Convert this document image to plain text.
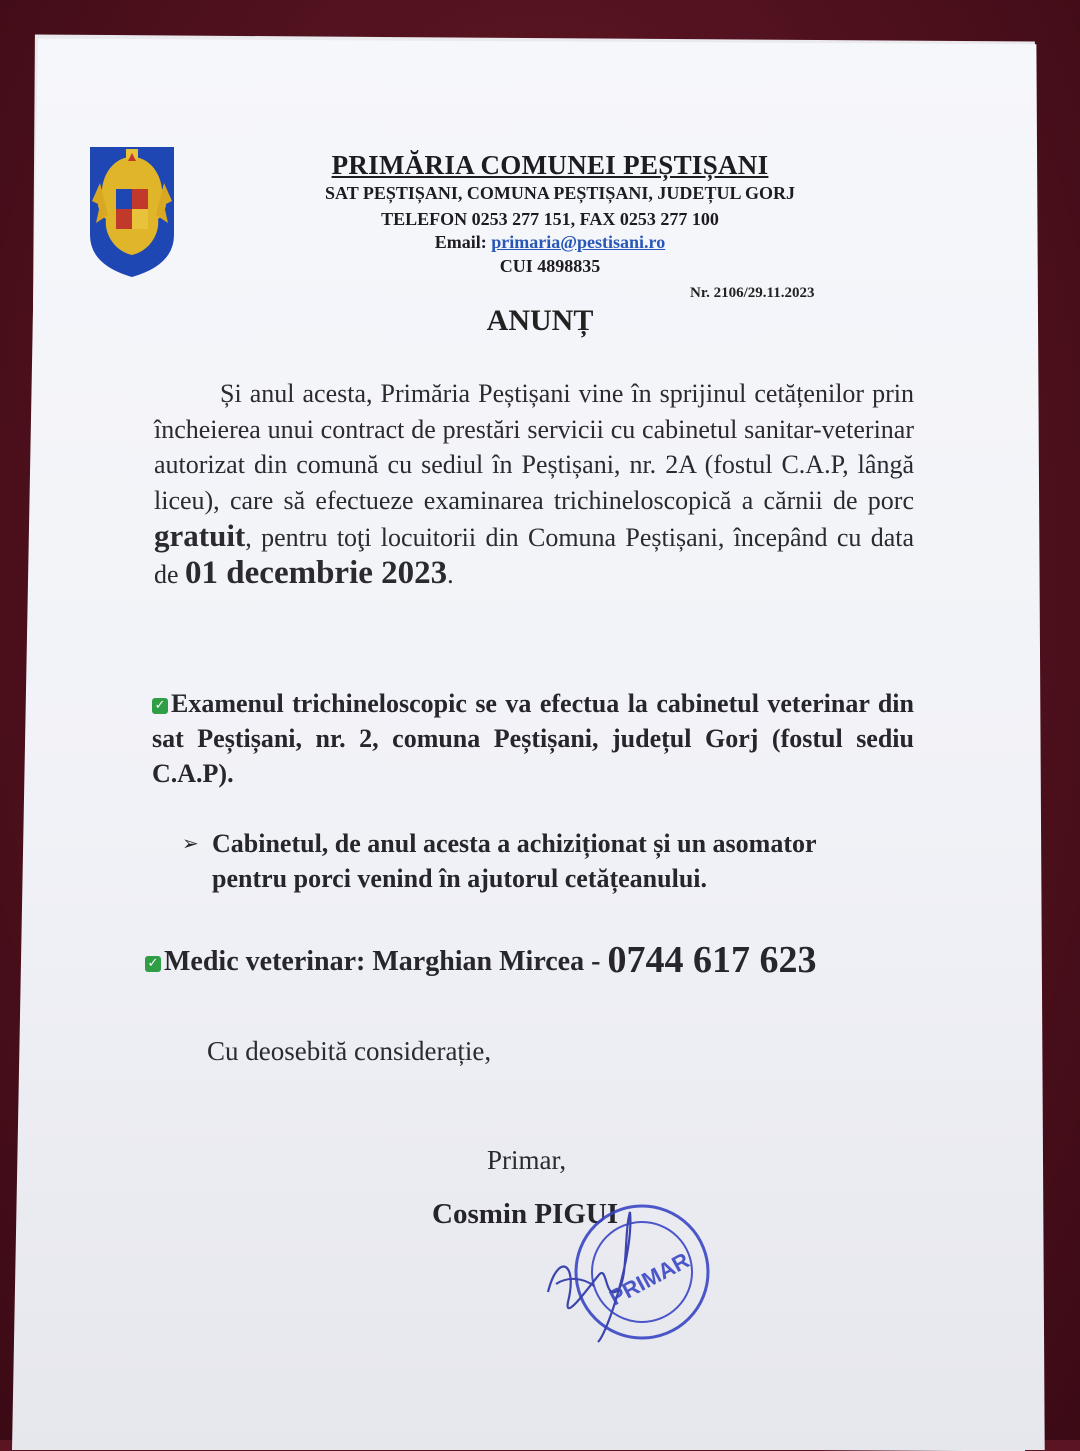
PRIMĂRIA COMUNEI PEȘTIȘANI
SAT PEȘTIȘANI, COMUNA PEȘTIȘANI, JUDEȚUL GORJ
TELEFON 0253 277 151, FAX 0253 277 100
Email: primaria@pestisani.ro
CUI 4898835
Nr. 2106/29.11.2023
ANUNȚ
Și anul acesta, Primăria Peștișani vine în sprijinul cetățenilor prin încheierea unui contract de prestări servicii cu cabinetul sanitar-veterinar autorizat din comună cu sediul în Peștișani, nr. 2A (fostul C.A.P, lângă liceu), care să efectueze examinarea trichineloscopică a cărnii de porc gratuit, pentru toţi locuitorii din Comuna Peștișani, începând cu data de 01 decembrie 2023.
✓ Examenul trichineloscopic se va efectua la cabinetul veterinar din sat Peștișani, nr. 2, comuna Peștișani, județul Gorj (fostul sediu C.A.P).
➢ Cabinetul, de anul acesta a achiziționat și un asomator
pentru porci venind în ajutorul cetățeanului.
✓ Medic veterinar: Marghian Mircea - 0744 617 623
Cu deosebită considerație,
Primar,
Cosmin PIGUI
PRIMAR
